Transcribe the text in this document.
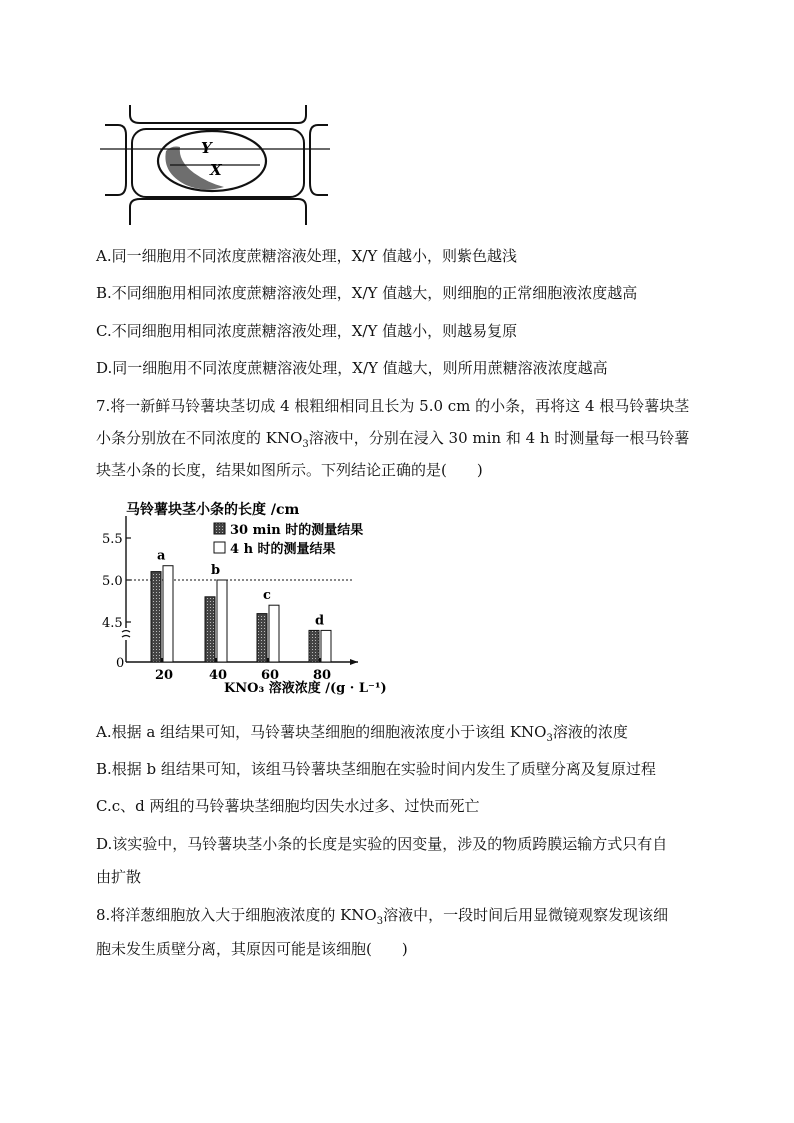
Y
X
A.同一细胞用不同浓度蔗糖溶液处理，X/Y 值越小，则紫色越浅
B.不同细胞用相同浓度蔗糖溶液处理，X/Y 值越大，则细胞的正常细胞液浓度越高
C.不同细胞用相同浓度蔗糖溶液处理，X/Y 值越小，则越易复原
D.同一细胞用不同浓度蔗糖溶液处理，X/Y 值越大，则所用蔗糖溶液浓度越高
7.将一新鲜马铃薯块茎切成 4 根粗细相同且长为 5.0 cm 的小条，再将这 4 根马铃薯块茎
小条分别放在不同浓度的 $KNO_3$溶液中，分别在浸入 30 min 和 4 h 时测量每一根马铃薯
块茎小条的长度，结果如图所示。下列结论正确的是(　　)
马铃薯块茎小条的长度 /cm
30 min 时的测量结果
4 h 时的测量结果
5.5
5.0
4.5
0
20	40	60	80
a
b
c
d
KNO₃ 溶液浓度 /(g · L⁻¹)
A.根据 a 组结果可知，马铃薯块茎细胞的细胞液浓度小于该组 $KNO_3$溶液的浓度
B.根据 b 组结果可知，该组马铃薯块茎细胞在实验时间内发生了质壁分离及复原过程
C.c、d 两组的马铃薯块茎细胞均因失水过多、过快而死亡
D.该实验中，马铃薯块茎小条的长度是实验的因变量，涉及的物质跨膜运输方式只有自
由扩散
8.将洋葱细胞放入大于细胞液浓度的 $KNO_3$溶液中，一段时间后用显微镜观察发现该细
胞未发生质壁分离，其原因可能是该细胞(　　)
